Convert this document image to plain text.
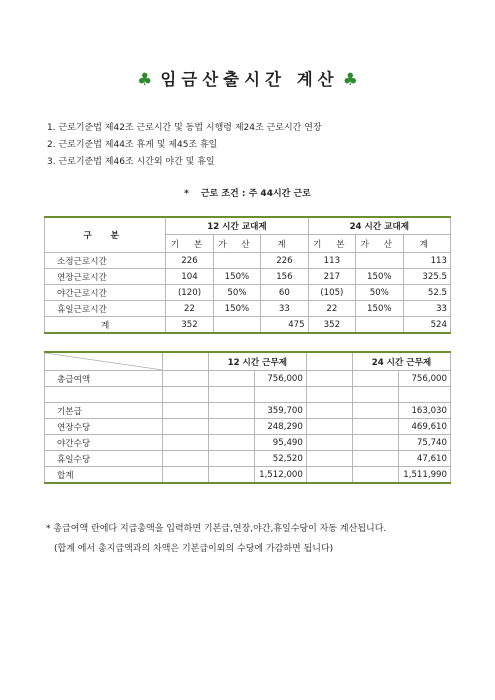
♣ 임금산출시간 계산 ♣
1. 근로기준법 제42조 근로시간 및 동법 시행령 제24조 근로시간 연장
2. 근로기준법 제44조 휴게 및 제45조 휴일
3. 근로기준법 제46조 시간외 야간 및 휴일
* 근로 조건 : 주 44시간 근로
구 분	12 시간 교대제			24 시간 교대제		
	기 본	가 산	계	기 본	가 산	계
소정근로시간	226		226	113		113
연장근로시간	104	150%	156	217	150%	325.5
야간근로시간	(120)	50%	60	(105)	50%	52.5
휴일근로시간	22	150%	33	22	150%	33
계	352		475	352		524
		12 시간 근무제			24 시간 근무제	
총급여액			756,000			756,000

기본급			359,700			163,030
연장수당			248,290			469,610
야간수당			95,490			75,740
휴일수당			52,520			47,610
합계			1,512,000			1,511,990
* 총급여액 란에다 지급총액을 입력하면 기본급,연장,야간,휴일수당이 자동 계산됩니다.
(합계 에서 총지급액과의 차액은 기본급이외의 수당에 가감하면 됩니다)
